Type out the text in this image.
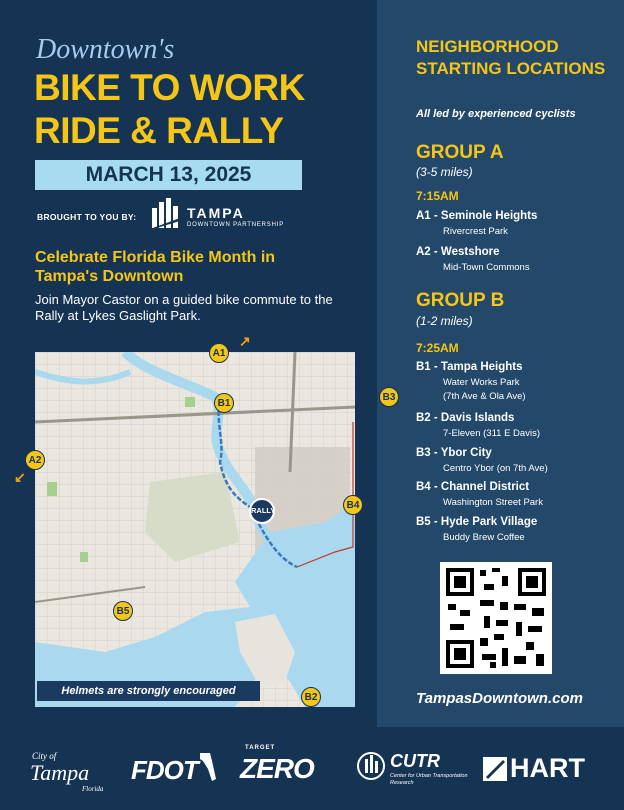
Downtown's
BIKE TO WORK
RIDE & RALLY
MARCH 13, 2025
BROUGHT TO YOU BY:	TAMPA
DOWNTOWN PARTNERSHIP
Celebrate Florida Bike Month in Tampa's Downtown
Join Mayor Castor on a guided bike commute to the Rally at Lykes Gaslight Park.
Helmets are strongly encouraged
↗
A1
↙
A2
B1
B3
B4
B5
B2
RALLY
NEIGHBORHOOD STARTING LOCATIONS
All led by experienced cyclists
GROUP A
(3-5 miles)
7:15AM
A1 - Seminole Heights
Rivercrest Park
A2 - Westshore
Mid-Town Commons
GROUP B
(1-2 miles)
7:25AM
B1 - Tampa Heights
Water Works Park
(7th Ave & Ola Ave)
B2 - Davis Islands
7-Eleven (311 E Davis)
B3 - Ybor City
Centro Ybor (on 7th Ave)
B4 - Channel District
Washington Street Park
B5 - Hyde Park Village
Buddy Brew Coffee
TampasDowntown.com
City of
Tampa
Florida
FDOT
TARGET
ZERO	CUTR
Center for Urban Transportation Research	HART
